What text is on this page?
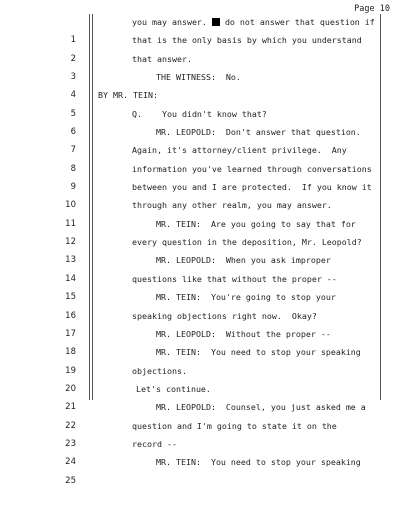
Page 10

1

you may answer. do not answer that question if

2

that is the only basis by which you understand

3

that answer.

4

THE WITNESS:  No.

5

BY MR. TEIN:

6

Q.    You didn't know that?

7

MR. LEOPOLD:  Don't answer that question.

8

Again, it's attorney/client privilege.  Any

9

information you've learned through conversations

10

between you and I are protected.  If you know it

11

through any other realm, you may answer.

12

MR. TEIN:  Are you going to say that for

13

every question in the deposition, Mr. Leopold?

14

MR. LEOPOLD:  When you ask improper

15

questions like that without the proper --

16

MR. TEIN:  You're going to stop your

17

speaking objections right now.  Okay?

18

MR. LEOPOLD:  Without the proper --

19

MR. TEIN:  You need to stop your speaking

20

objections.

21

Let's continue.

22

MR. LEOPOLD:  Counsel, you just asked me a

23

question and I'm going to state it on the

24

record --

25

MR. TEIN:  You need to stop your speaking
